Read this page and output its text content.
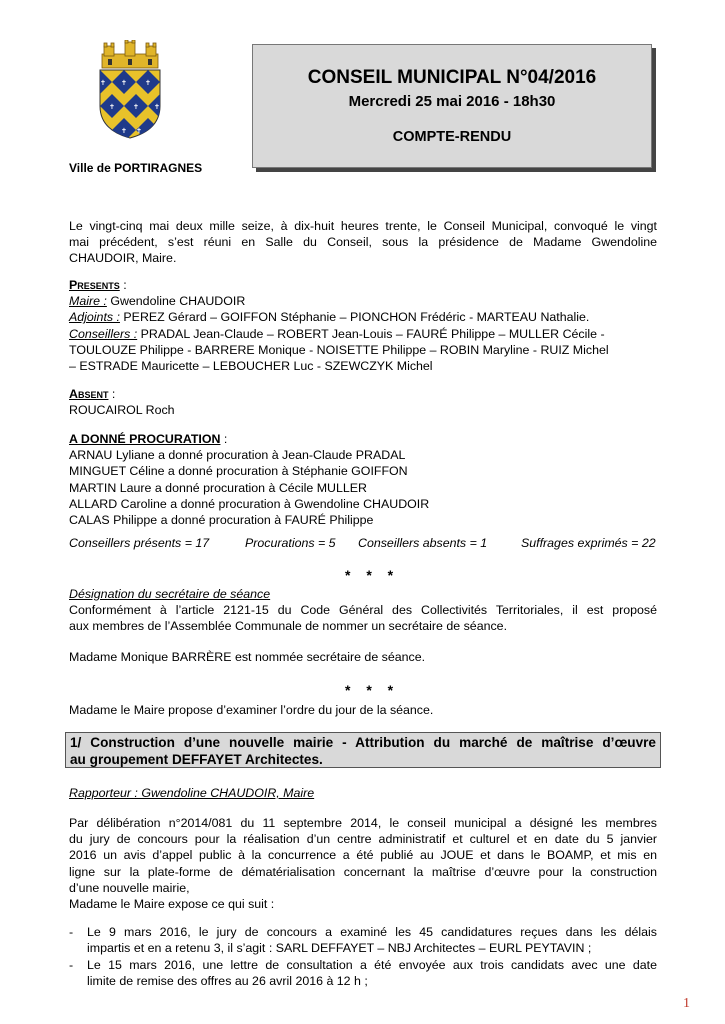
✝ ✝	✝
✝	✝ ✝
✝ ✝
Ville de PORTIRAGNES
CONSEIL MUNICIPAL N°04/2016
Mercredi 25 mai 2016 - 18h30
COMPTE-RENDU
Le vingt-cinq mai deux mille seize, à dix-huit heures trente, le Conseil Municipal, convoqué le vingt
mai précédent, s’est réuni en Salle du Conseil, sous la présidence de Madame Gwendoline
CHAUDOIR, Maire.
Presents :
Maire : Gwendoline CHAUDOIR
Adjoints : PEREZ Gérard – GOIFFON Stéphanie – PIONCHON Frédéric - MARTEAU Nathalie.
Conseillers : PRADAL Jean-Claude – ROBERT Jean-Louis – FAURÉ Philippe – MULLER Cécile -
TOULOUZE Philippe - BARRERE Monique - NOISETTE Philippe – ROBIN Maryline - RUIZ Michel
– ESTRADE Mauricette – LEBOUCHER Luc - SZEWCZYK Michel
Absent :
ROUCAIROL Roch
A DONNÉ PROCURATION :
ARNAU Lyliane a donné procuration à Jean-Claude PRADAL
MINGUET Céline a donné procuration à Stéphanie GOIFFON
MARTIN Laure a donné procuration à Cécile MULLER
ALLARD Caroline a donné procuration à Gwendoline CHAUDOIR
CALAS Philippe a donné procuration à FAURÉ Philippe
Conseillers présents = 17	Procurations = 5 Conseillers absents = 1	Suffrages exprimés = 22
* * *
Désignation du secrétaire de séance
Conformément à l’article 2121-15 du Code Général des Collectivités Territoriales, il est proposé
aux membres de l’Assemblée Communale de nommer un secrétaire de séance.
Madame Monique BARRÈRE est nommée secrétaire de séance.
* * *
Madame le Maire propose d’examiner l’ordre du jour de la séance.
1/ Construction d’une nouvelle mairie - Attribution du marché de maîtrise d’œuvre
au groupement DEFFAYET Architectes.
Rapporteur : Gwendoline CHAUDOIR, Maire
Par délibération n°2014/081 du 11 septembre 2014, le conseil municipal a désigné les membres
du jury de concours pour la réalisation d’un centre administratif et culturel et en date du 5 janvier
2016 un avis d’appel public à la concurrence a été publié au JOUE et dans le BOAMP, et mis en
ligne sur la plate-forme de dématérialisation concernant la maîtrise d’œuvre pour la construction
d’une nouvelle mairie,
Madame le Maire expose ce qui suit :
- Le 9 mars 2016, le jury de concours a examiné les 45 candidatures reçues dans les délais
impartis et en a retenu 3, il s’agit : SARL DEFFAYET – NBJ Architectes – EURL PEYTAVIN ;
- Le 15 mars 2016, une lettre de consultation a été envoyée aux trois candidats avec une date
limite de remise des offres au 26 avril 2016 à 12 h ;
1
